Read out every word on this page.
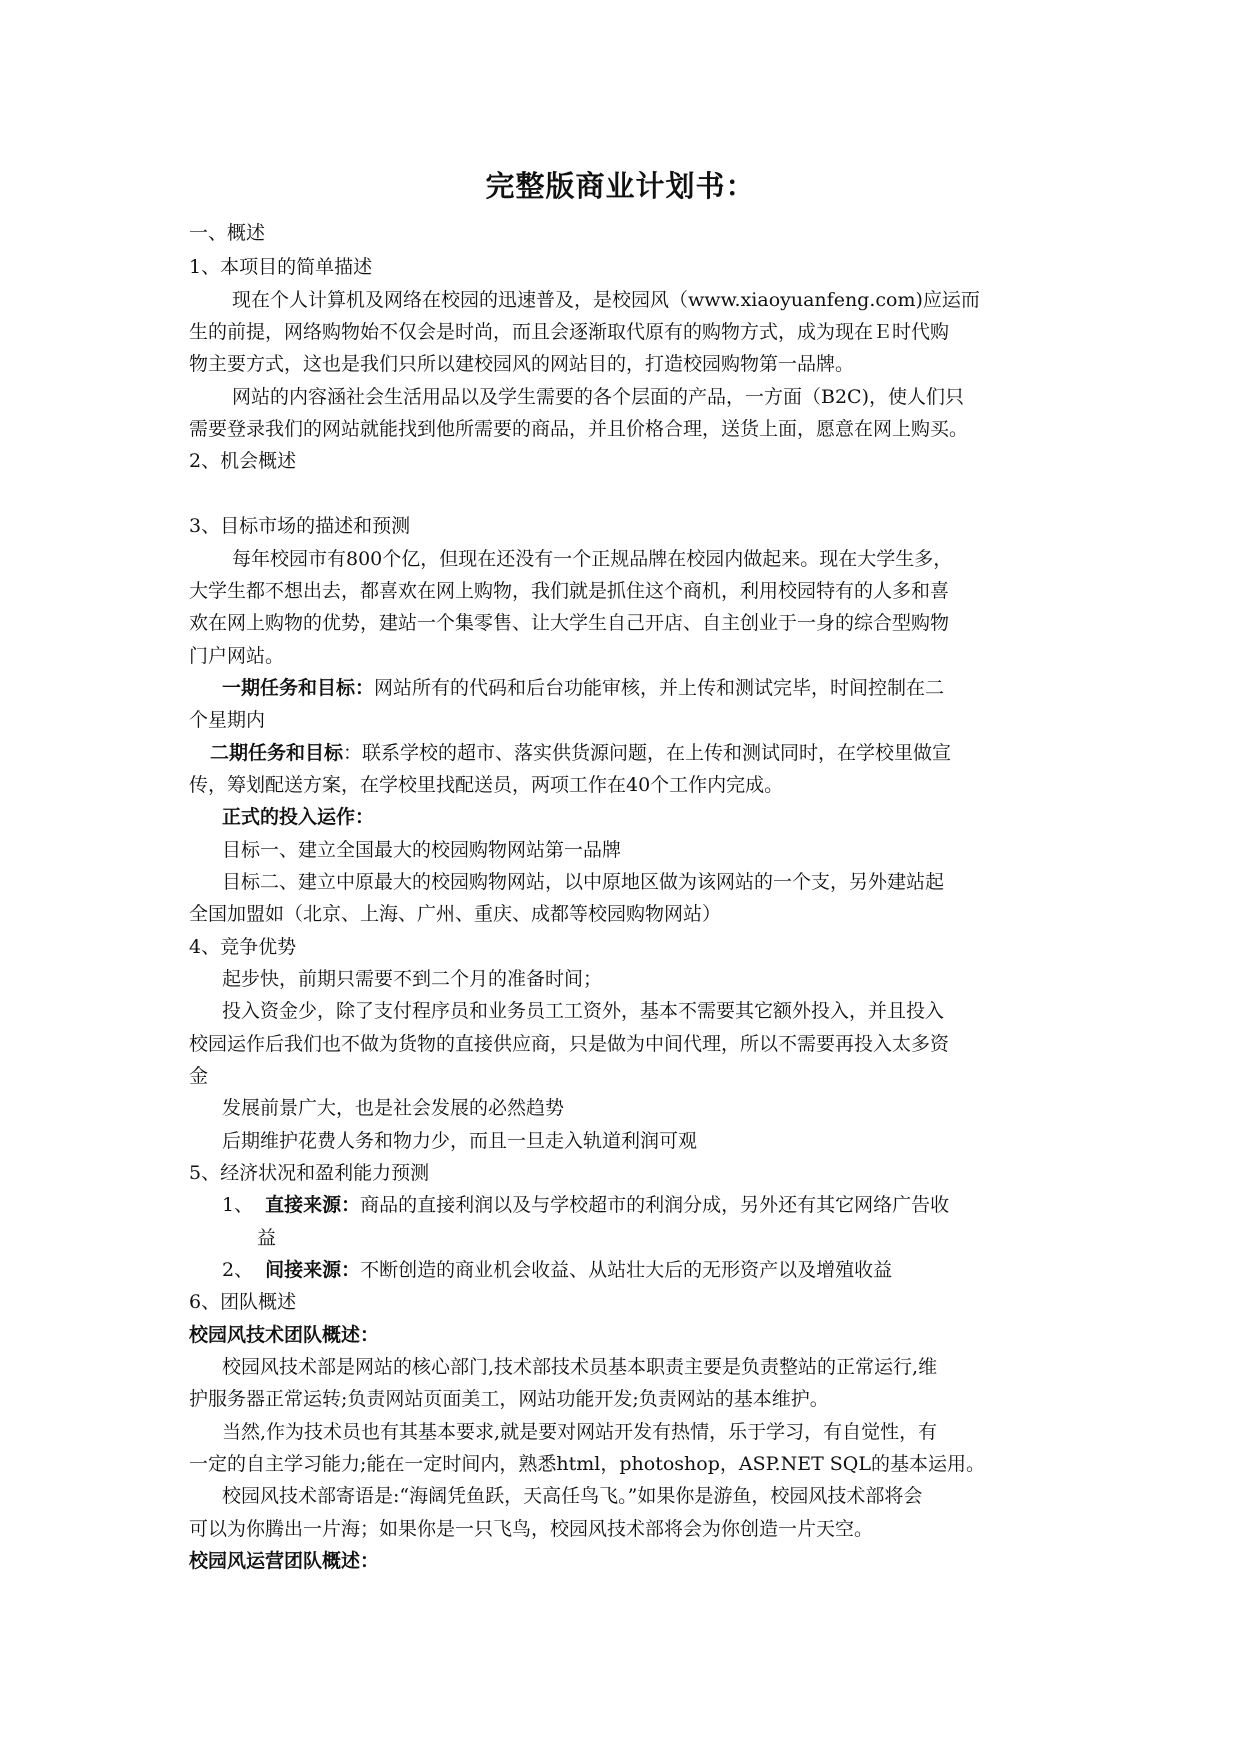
完整版商业计划书：
一、概述
1、本项目的简单描述
现在个人计算机及网络在校园的迅速普及，是校园风（www.xiaoyuanfeng.com)应运而
生的前提，网络购物始不仅会是时尚，而且会逐渐取代原有的购物方式，成为现在Ｅ时代购
物主要方式，这也是我们只所以建校园风的网站目的，打造校园购物第一品牌。
网站的内容涵社会生活用品以及学生需要的各个层面的产品，一方面（B2C)，使人们只
需要登录我们的网站就能找到他所需要的商品，并且价格合理，送货上面，愿意在网上购买。
2、机会概述
3、目标市场的描述和预测
每年校园市有800个亿，但现在还没有一个正规品牌在校园内做起来。现在大学生多，
大学生都不想出去，都喜欢在网上购物，我们就是抓住这个商机，利用校园特有的人多和喜
欢在网上购物的优势，建站一个集零售、让大学生自己开店、自主创业于一身的综合型购物
门户网站。
一期任务和目标：网站所有的代码和后台功能审核，并上传和测试完毕，时间控制在二
个星期内
二期任务和目标：联系学校的超市、落实供货源问题，在上传和测试同时，在学校里做宣
传，筹划配送方案，在学校里找配送员，两项工作在40个工作内完成。
正式的投入运作：
目标一、建立全国最大的校园购物网站第一品牌
目标二、建立中原最大的校园购物网站，以中原地区做为该网站的一个支，另外建站起
全国加盟如（北京、上海、广州、重庆、成都等校园购物网站）
4、竞争优势
起步快，前期只需要不到二个月的准备时间；
投入资金少，除了支付程序员和业务员工工资外，基本不需要其它额外投入，并且投入
校园运作后我们也不做为货物的直接供应商，只是做为中间代理，所以不需要再投入太多资
金
发展前景广大，也是社会发展的必然趋势
后期维护花费人务和物力少，而且一旦走入轨道利润可观
5、经济状况和盈利能力预测
1、 直接来源：商品的直接利润以及与学校超市的利润分成，另外还有其它网络广告收
益
2、 间接来源：不断创造的商业机会收益、从站壮大后的无形资产以及增殖收益
6、团队概述
校园风技术团队概述：
校园风技术部是网站的核心部门,技术部技术员基本职责主要是负责整站的正常运行,维
护服务器正常运转;负责网站页面美工，网站功能开发;负责网站的基本维护。
当然,作为技术员也有其基本要求,就是要对网站开发有热情，乐于学习，有自觉性，有
一定的自主学习能力;能在一定时间内，熟悉html，photoshop，ASP.NET SQL的基本运用。
校园风技术部寄语是:“海阔凭鱼跃，天高任鸟飞。”如果你是游鱼，校园风技术部将会
可以为你腾出一片海；如果你是一只飞鸟，校园风技术部将会为你创造一片天空。
校园风运营团队概述：
